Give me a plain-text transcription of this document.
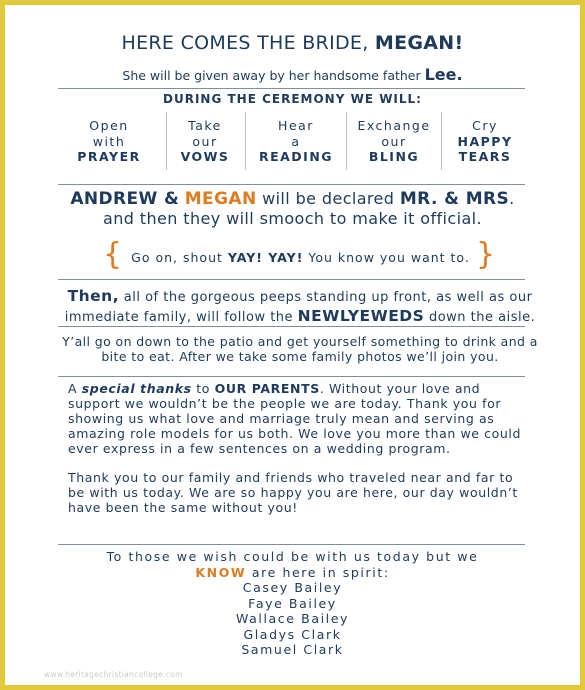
HERE COMES THE BRIDE, MEGAN!
She will be given away by her handsome father Lee.
DURING THE CEREMONY WE WILL:
Open
with
PRAYER
Take
our
VOWS
Hear
a
READING
Exchange
our
BLING
Cry
HAPPY
TEARS
ANDREW & MEGAN will be declared MR. & MRS.
and then they will smooch to make it official.
{ Go on, shout YAY! YAY! You know you want to. }
Then, all of the gorgeous peeps standing up front, as well as our immediate family, will follow the NEWLYEWEDS down the aisle.
Y’all go on down to the patio and get yourself something to drink and a bite to eat. After we take some family photos we’ll join you.

A special thanks to OUR PARENTS. Without your love and support we wouldn’t be the people we are today. Thank you for showing us what love and marriage truly mean and serving as amazing role models for us both. We love you more than we could ever express in a few sentences on a wedding program.

Thank you to our family and friends who traveled near and far to be with us today. We are so happy you are here, our day wouldn’t have been the same without you!

To those we wish could be with us today but we
KNOW are here in spirit:
Casey Bailey
Faye Bailey
Wallace Bailey
Gladys Clark
Samuel Clark
www.heritagechristiancollege.com
